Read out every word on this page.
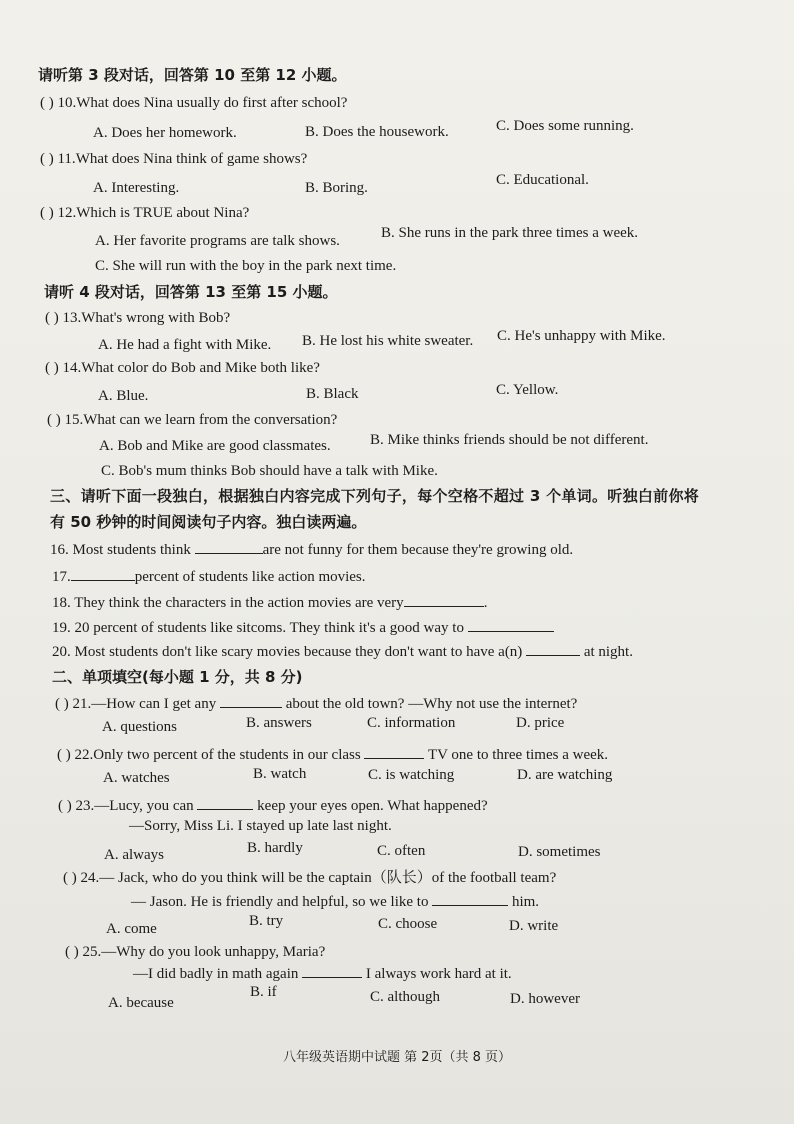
请听第 3 段对话，回答第 10 至第 12 小题。
( ) 10.What does Nina usually do first after school?
A. Does her homework.	B. Does the housework.	C. Does some running.
( ) 11.What does Nina think of game shows?
A. Interesting.	B. Boring.	C. Educational.
( ) 12.Which is TRUE about Nina?
A. Her favorite programs are talk shows.	B. She runs in the park three times a week.
C. She will run with the boy in the park next time.
请听 4 段对话，回答第 13 至第 15 小题。
( ) 13.What's wrong with Bob?
A. He had a fight with Mike. B. He lost his white sweater. C. He's unhappy with Mike.
( ) 14.What color do Bob and Mike both like?
A. Blue.	B. Black	C. Yellow.
( ) 15.What can we learn from the conversation?
A. Bob and Mike are good classmates.	B. Mike thinks friends should be not different.
C. Bob's mum thinks Bob should have a talk with Mike.
三、请听下面一段独白，根据独白内容完成下列句子，每个空格不超过 3 个单词。听独白前你将
有 50 秒钟的时间阅读句子内容。独白读两遍。
16. Most students think	are not funny for them because they're growing old.
17.	percent of students like action movies.
18. They think the characters in the action movies are very	.
19. 20 percent of students like sitcoms. They think it's a good way to
20. Most students don't like scary movies because they don't want to have a(n)	at night.
二、单项填空(每小题 1 分，共 8 分)
( ) 21.—How can I get any	about the old town? —Why not use the internet?
A. questions	B. answers	C. information	D. price
( ) 22.Only two percent of the students in our class	TV one to three times a week.
A. watches	B. watch	C. is watching	D. are watching
( ) 23.—Lucy, you can	keep your eyes open. What happened?
—Sorry, Miss Li. I stayed up late last night.
A. always	B. hardly	C. often	D. sometimes
( ) 24.— Jack, who do you think will be the captain（队长）of the football team?
— Jason. He is friendly and helpful, so we like to	him.
A. come	B. try	C. choose	D. write
( ) 25.—Why do you look unhappy, Maria?
—I did badly in math again	I always work hard at it.
A. because
B. if	C. although	D. however
八年级英语期中试题 第 2页（共 8 页）
